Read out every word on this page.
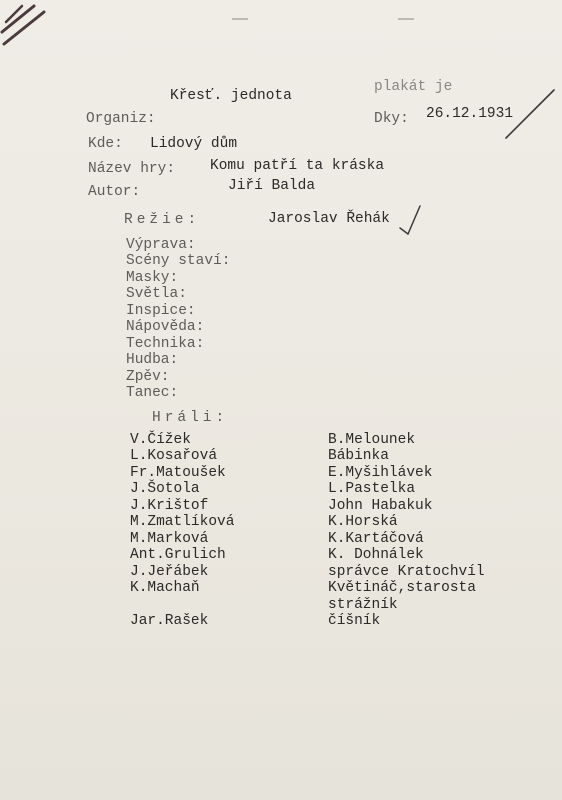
Křesť. jednota
Organiz:
plakát je
Dky: 26.12.1931
Kde: Lidový dům
Název hry: Komu patří ta kráska
Autor:	Jiří Balda
Režie:	Jaroslav Řehák
Výprava:
Scény staví:
Masky:
Světla:
Inspice:
Nápověda:
Technika:
Hudba:
Zpěv:
Tanec:
Hráli:
V.Čížek	B.Melounek
L.Kosařová	Bábinka
Fr.Matoušek	E.Myšihlávek
J.Šotola	L.Pastelka
J.Krištof	John Habakuk
M.Zmatlíková	K.Horská
M.Marková	K.Kartáčová
Ant.Grulich	K. Dohnálek
J.Jeřábek	správce Kratochvíl
K.Machaň	Květináč,starosta
strážník
Jar.Rašek	číšník
